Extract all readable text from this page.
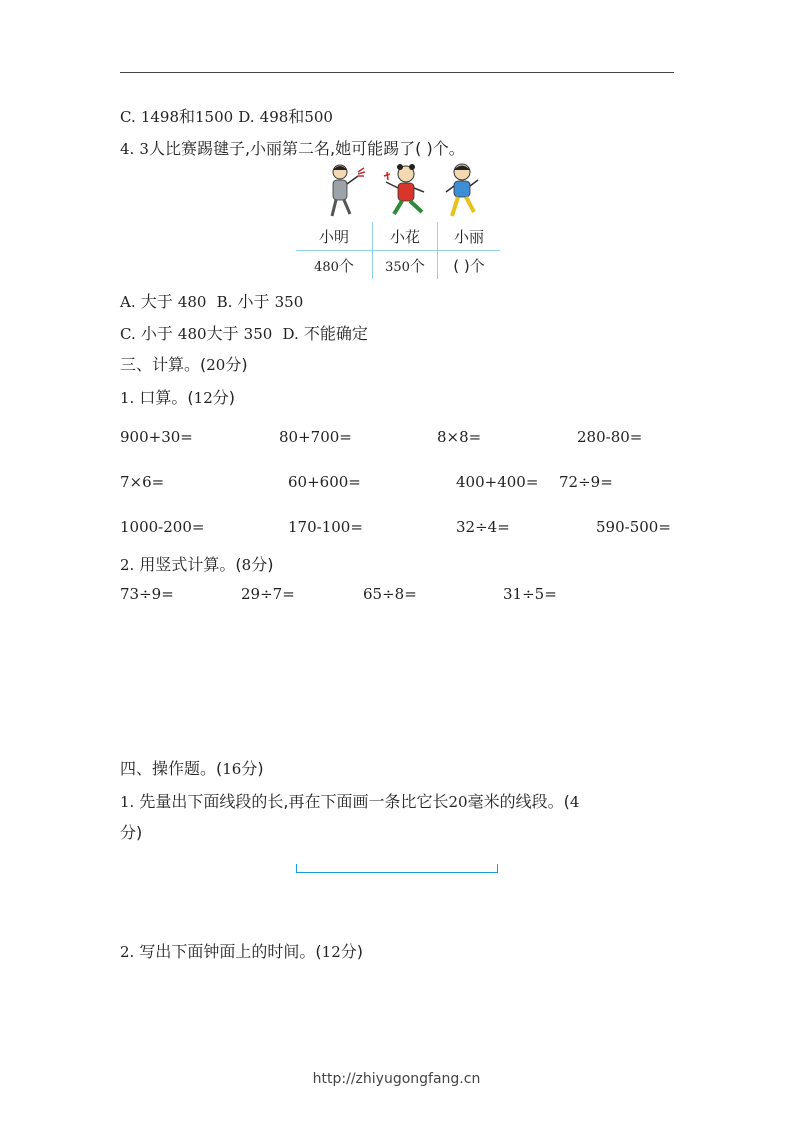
C. 1498和1500 D. 498和500
4. 3人比赛踢毽子,小丽第二名,她可能踢了( )个。
小明	小花	小丽
480个	350个	( )个
A. 大于 480 B. 小于 350
C. 小于 480大于 350 D. 不能确定
三、计算。(20分)
1. 口算。(12分)
900+30=	80+700=	8×8=	280-80=
7×6=	60+600=	400+400= 72÷9=
1000-200=	170-100=	32÷4=	590-500=
2. 用竖式计算。(8分)
73÷9=	29÷7=	65÷8=	31÷5=
四、操作题。(16分)
1. 先量出下面线段的长,再在下面画一条比它长20毫米的线段。(4
分)
2. 写出下面钟面上的时间。(12分)
http://zhiyugongfang.cn
